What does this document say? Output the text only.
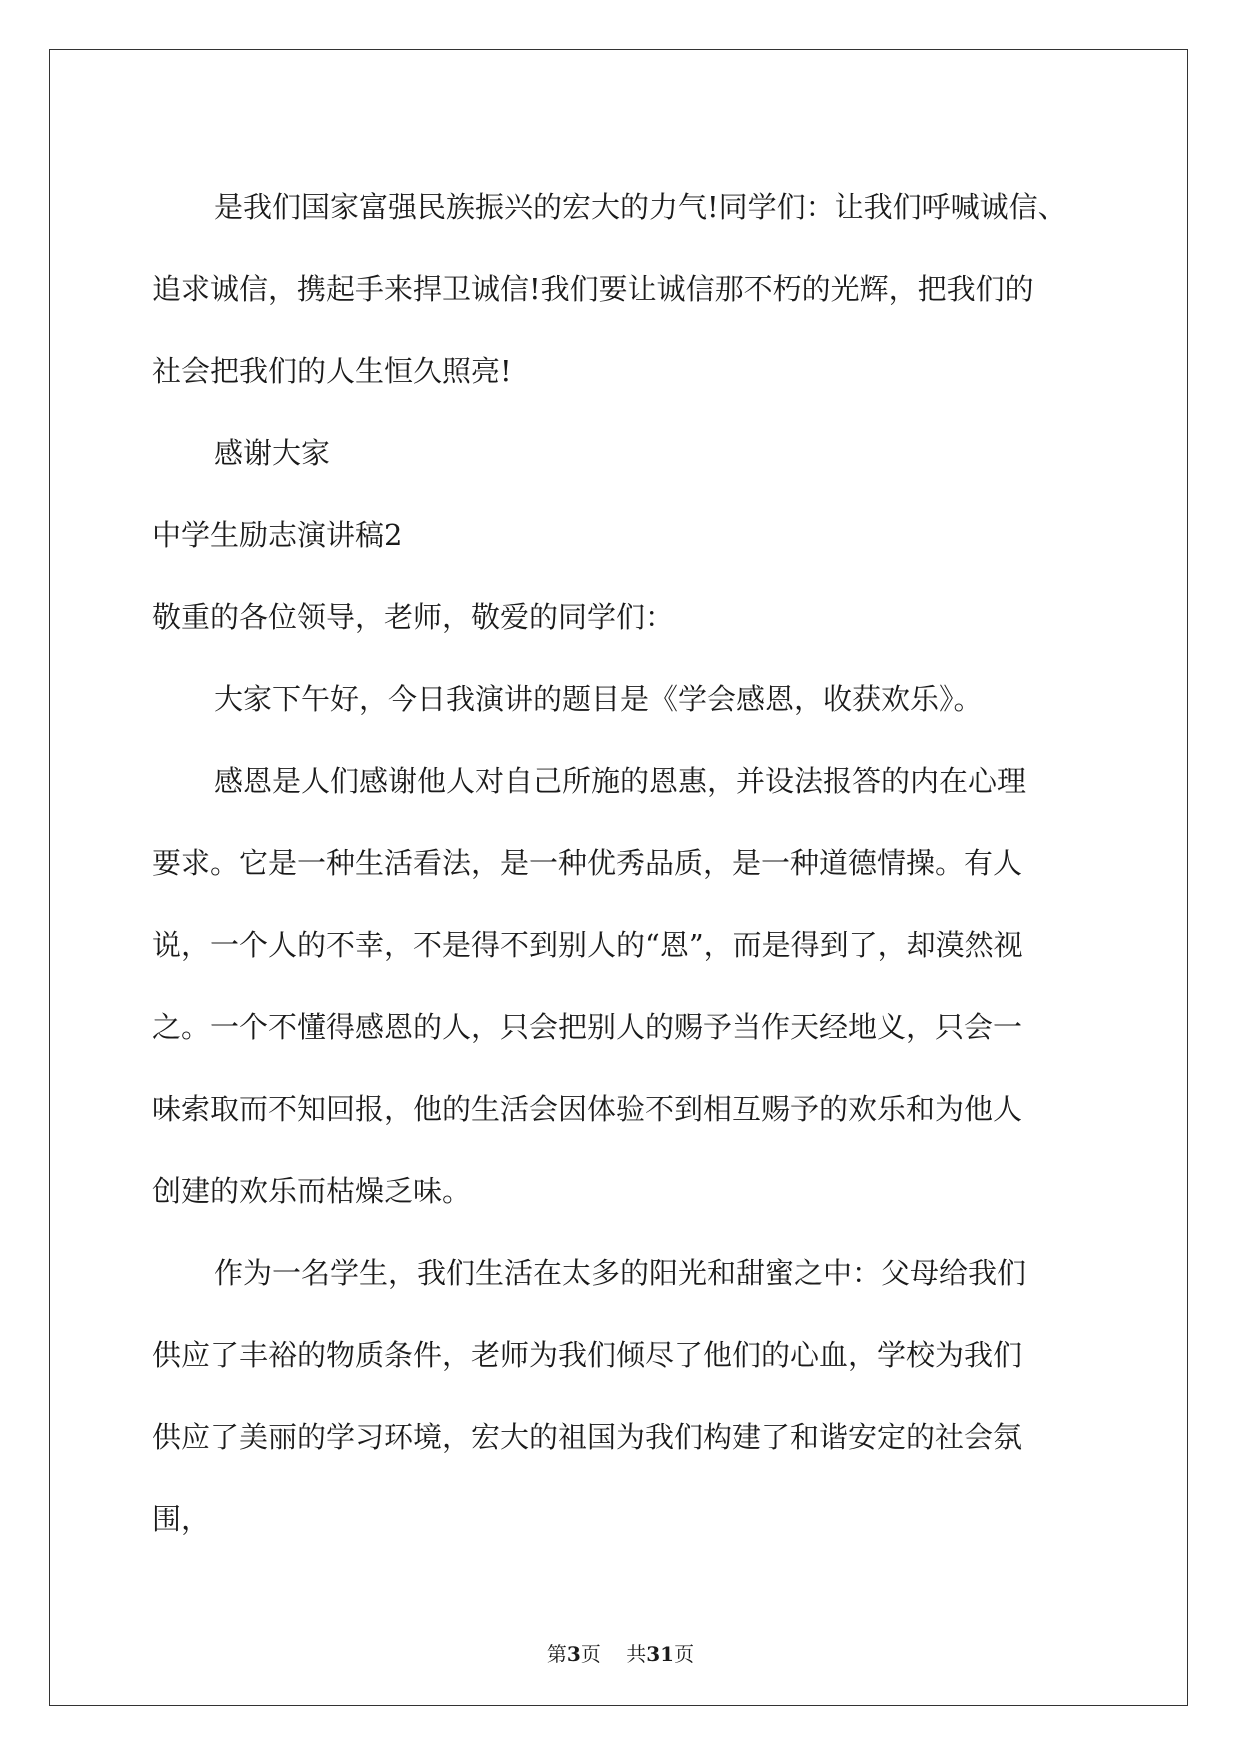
是我们国家富强民族振兴的宏大的力气!同学们：让我们呼喊诚信、
追求诚信，携起手来捍卫诚信!我们要让诚信那不朽的光辉，把我们的
社会把我们的人生恒久照亮!
感谢大家
中学生励志演讲稿2
敬重的各位领导，老师，敬爱的同学们：
大家下午好，今日我演讲的题目是《学会感恩，收获欢乐》。
感恩是人们感谢他人对自己所施的恩惠，并设法报答的内在心理
要求。它是一种生活看法，是一种优秀品质，是一种道德情操。有人
说，一个人的不幸，不是得不到别人的“恩”，而是得到了，却漠然视
之。一个不懂得感恩的人，只会把别人的赐予当作天经地义，只会一
味索取而不知回报，他的生活会因体验不到相互赐予的欢乐和为他人
创建的欢乐而枯燥乏味。
作为一名学生，我们生活在太多的阳光和甜蜜之中：父母给我们
供应了丰裕的物质条件，老师为我们倾尽了他们的心血，学校为我们
供应了美丽的学习环境，宏大的祖国为我们构建了和谐安定的社会氛
围，
第3页 共31页
